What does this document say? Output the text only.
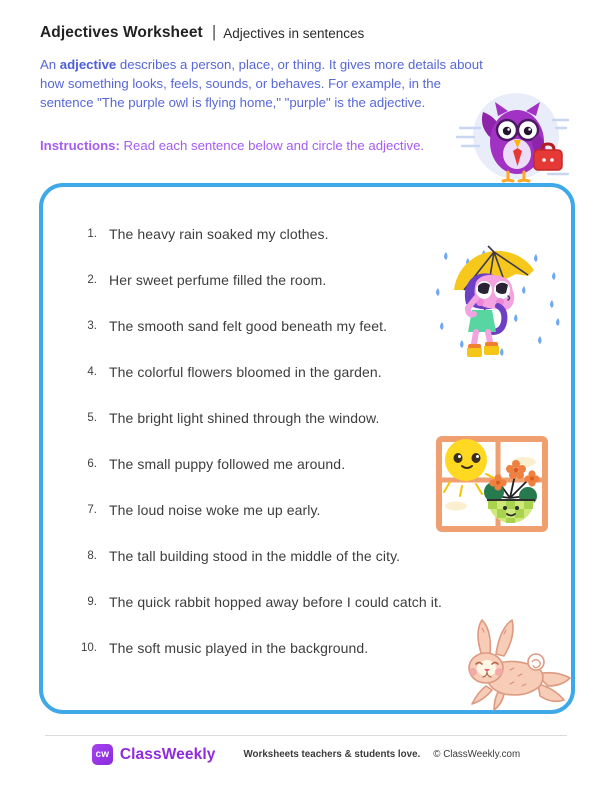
Adjectives Worksheet | Adjectives in sentences

An adjective describes a person, place, or thing. It gives more details about how something looks, feels, sounds, or behaves. For example, in the sentence "The purple owl is flying home," "purple" is the adjective.

Instructions: Read each sentence below and circle the adjective.

1. The heavy rain soaked my clothes.
2. Her sweet perfume filled the room.
3. The smooth sand felt good beneath my feet.
4. The colorful flowers bloomed in the garden.
5. The bright light shined through the window.
6. The small puppy followed me around.
7. The loud noise woke me up early.
8. The tall building stood in the middle of the city.
9. The quick rabbit hopped away before I could catch it.
10. The soft music played in the background.
cw ClassWeekly	Worksheets teachers & students love. © ClassWeekly.com
